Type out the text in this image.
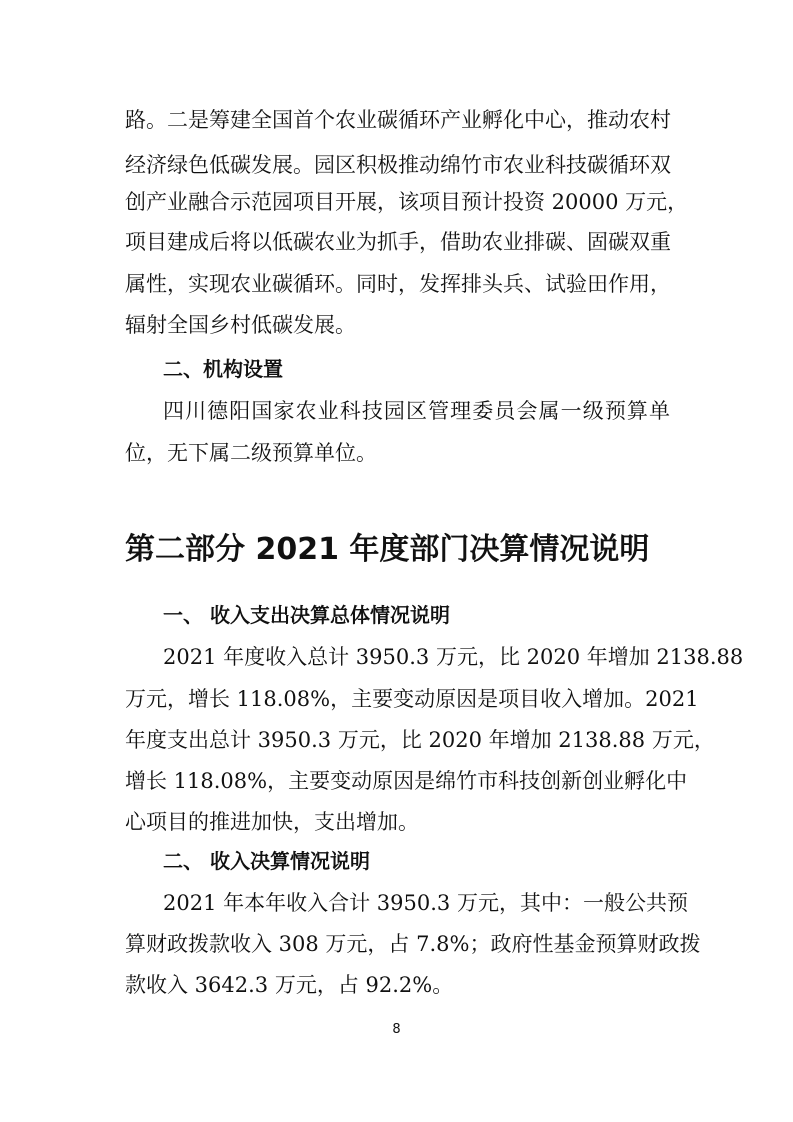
路。二是筹建全国首个农业碳循环产业孵化中心，推动农村
经济绿色低碳发展。园区积极推动绵竹市农业科技碳循环双
创产业融合示范园项目开展，该项目预计投资 20000 万元，
项目建成后将以低碳农业为抓手，借助农业排碳、固碳双重
属性，实现农业碳循环。同时，发挥排头兵、试验田作用，
辐射全国乡村低碳发展。
二、机构设置
四川德阳国家农业科技园区管理委员会属一级预算单
位，无下属二级预算单位。
第二部分 2021 年度部门决算情况说明
一、 收入支出决算总体情况说明
2021 年度收入总计 3950.3 万元，比 2020 年增加 2138.88
万元，增长 118.08%，主要变动原因是项目收入增加。2021
年度支出总计 3950.3 万元，比 2020 年增加 2138.88 万元，
增长 118.08%，主要变动原因是绵竹市科技创新创业孵化中
心项目的推进加快，支出增加。
二、 收入决算情况说明
2021 年本年收入合计 3950.3 万元，其中：一般公共预
算财政拨款收入 308 万元，占 7.8%；政府性基金预算财政拨
款收入 3642.3 万元，占 92.2%。
8
